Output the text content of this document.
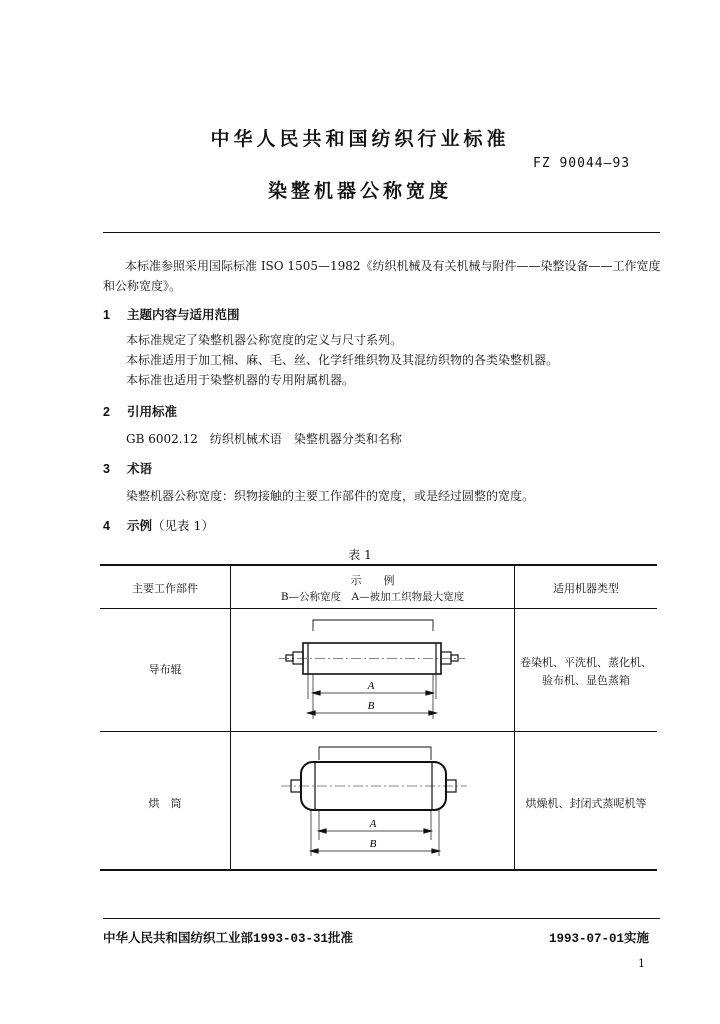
中华人民共和国纺织行业标准
FZ 90044—93
染整机器公称宽度
本标准参照采用国际标准 ISO 1505—1982《纺织机械及有关机械与附件——染整设备——工作宽度和公称宽度》。
1 主题内容与适用范围
本标准规定了染整机器公称宽度的定义与尺寸系列。
本标准适用于加工棉、麻、毛、丝、化学纤维织物及其混纺织物的各类染整机器。
本标准也适用于染整机器的专用附属机器。
2 引用标准
GB 6002.12　纺织机械术语　染整机器分类和名称
3 术语
染整机器公称宽度：织物接触的主要工作部件的宽度，或是经过圆整的宽度。
4 示例（见表 1）
表 1
主要工作部件
示　　例
B—公称宽度　A—被加工织物最大宽度
适用机器类型
导布辊
卷染机、平洗机、蒸化机、
验布机、显色蒸箱
烘　筒	烘燥机、封闭式蒸呢机等
A
B
A
B
中华人民共和国纺织工业部1993-03-31批准	1993-07-01实施
1
